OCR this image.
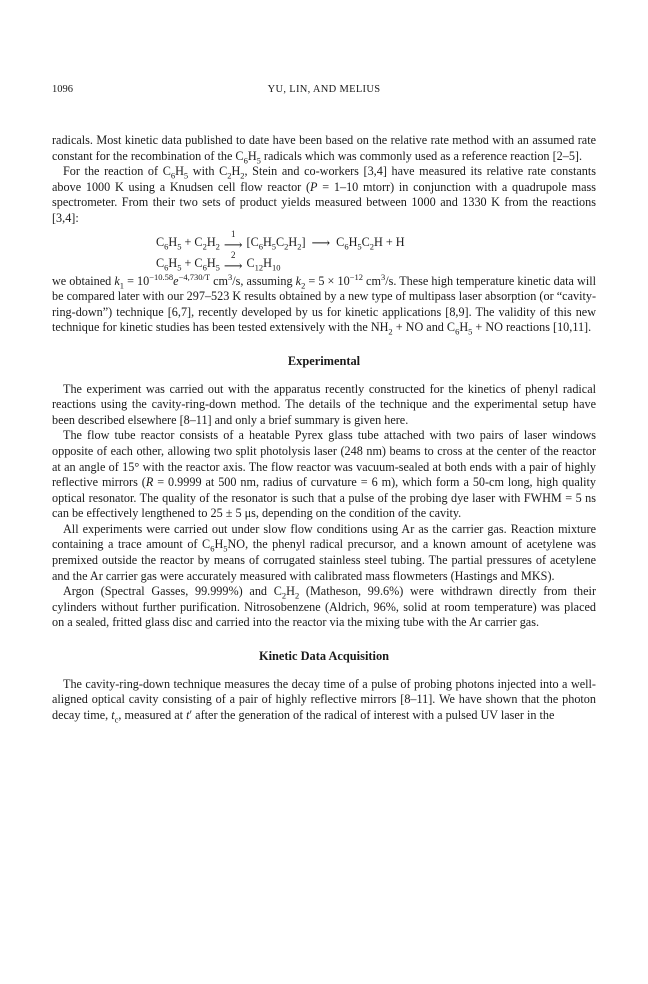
1096	YU, LIN, AND MELIUS

radicals. Most kinetic data published to date have been based on the relative rate method with an assumed rate constant for the recombination of the $C_6H_5$ radicals which was commonly used as a reference reaction [2–5].

For the reaction of $C_6H_5$ with $C_2H_2$, Stein and co-workers [3,4] have measured its relative rate constants above 1000 K using a Knudsen cell flow reactor (P = 1–10 mtorr) in conjunction with a quadrupole mass spectrometer. From their two sets of product yields measured between 1000 and 1330 K from the reactions [3,4]:

$C_6H_5 + C_2H_2$
1
⟶ $[C_6H_5C_2H_2]$ ⟶ $C_6H_5C_2H + H$
$C_6H_5 + C_6H_5$
2
⟶ $C_{12}H_{10}$

we obtained $k_1 = 10^{-10.58}e^{-4,730/T}$ $cm^3/s$, assuming $k_2 = 5 \times 10^{-12}$ $cm^3/s$. These high temperature kinetic data will be compared later with our 297–523 K results obtained by a new type of multipass laser absorption (or “cavity-ring-down”) technique [6,7], recently developed by us for kinetic applications [8,9]. The validity of this new technique for kinetic studies has been tested extensively with the $NH_2$ + NO and $C_6H_5$ + NO reactions [10,11].

Experimental

The experiment was carried out with the apparatus recently constructed for the kinetics of phenyl radical reactions using the cavity-ring-down method. The details of the technique and the experimental setup have been described elsewhere [8–11] and only a brief summary is given here.

The flow tube reactor consists of a heatable Pyrex glass tube attached with two pairs of laser windows opposite of each other, allowing two split photolysis laser (248 nm) beams to cross at the center of the reactor at an angle of 15° with the reactor axis. The flow reactor was vacuum-sealed at both ends with a pair of highly reflective mirrors (R = 0.9999 at 500 nm, radius of curvature = 6 m), which form a 50-cm long, high quality optical resonator. The quality of the resonator is such that a pulse of the probing dye laser with FWHM = 5 ns can be effectively lengthened to 25 ± 5 μs, depending on the condition of the cavity.

All experiments were carried out under slow flow conditions using Ar as the carrier gas. Reaction mixture containing a trace amount of $C_6H_5NO$, the phenyl radical precursor, and a known amount of acetylene was premixed outside the reactor by means of corrugated stainless steel tubing. The partial pressures of acetylene and the Ar carrier gas were accurately measured with calibrated mass flowmeters (Hastings and MKS).

Argon (Spectral Gasses, 99.999%) and $C_2H_2$ (Matheson, 99.6%) were withdrawn directly from their cylinders without further purification. Nitrosobenzene (Aldrich, 96%, solid at room temperature) was placed on a sealed, fritted glass disc and carried into the reactor via the mixing tube with the Ar carrier gas.

Kinetic Data Acquisition

The cavity-ring-down technique measures the decay time of a pulse of probing photons injected into a well-aligned optical cavity consisting of a pair of highly reflective mirrors [8–11]. We have shown that the photon decay time, $t_c$, measured at t′ after the generation of the radical of interest with a pulsed UV laser in the
